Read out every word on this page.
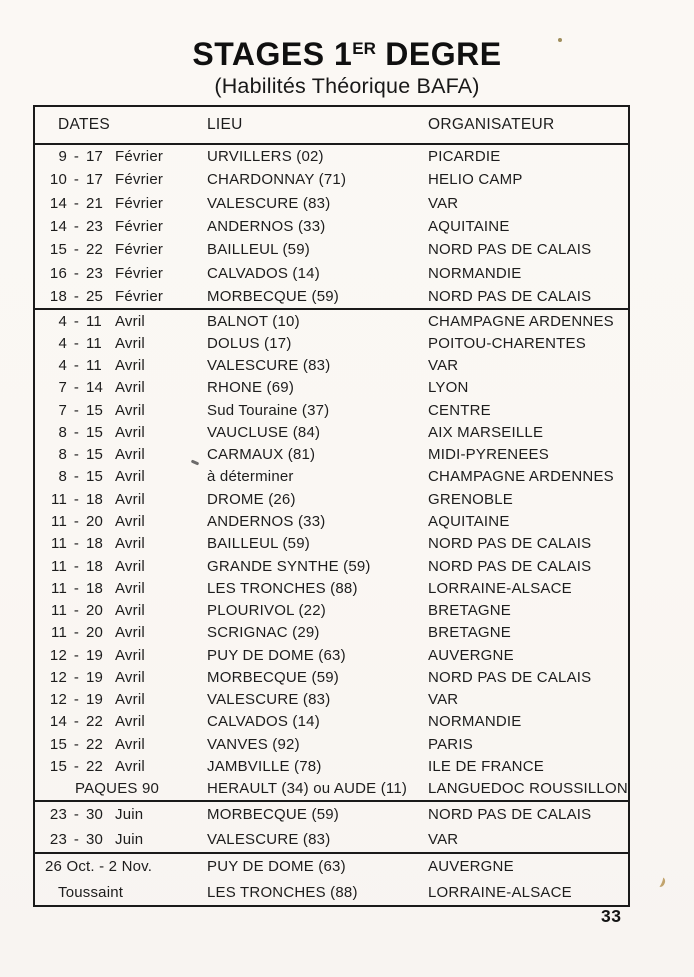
STAGES 1ER DEGRE
(Habilités Théorique BAFA)
DATES	LIEU	ORGANISATEUR
9 - 17 Février	URVILLERS (02)	PICARDIE
10 - 17 Février	CHARDONNAY (71)	HELIO CAMP
14 - 21 Février	VALESCURE (83)	VAR
14 - 23 Février	ANDERNOS (33)	AQUITAINE
15 - 22 Février	BAILLEUL (59)	NORD PAS DE CALAIS
16 - 23 Février	CALVADOS (14)	NORMANDIE
18 - 25 Février	MORBECQUE (59)	NORD PAS DE CALAIS
4 - 11 Avril	BALNOT (10)	CHAMPAGNE ARDENNES
4 - 11 Avril	DOLUS (17)	POITOU-CHARENTES
4 - 11 Avril	VALESCURE (83)	VAR
7 - 14 Avril	RHONE (69)	LYON
7 - 15 Avril	Sud Touraine (37)	CENTRE
8 - 15 Avril	VAUCLUSE (84)	AIX MARSEILLE
8 - 15 Avril	CARMAUX (81)	MIDI-PYRENEES
8 - 15 Avril	à déterminer	CHAMPAGNE ARDENNES
11 - 18 Avril	DROME (26)	GRENOBLE
11 - 20 Avril	ANDERNOS (33)	AQUITAINE
11 - 18 Avril	BAILLEUL (59)	NORD PAS DE CALAIS
11 - 18 Avril	GRANDE SYNTHE (59)	NORD PAS DE CALAIS
11 - 18 Avril	LES TRONCHES (88)	LORRAINE-ALSACE
11 - 20 Avril	PLOURIVOL (22)	BRETAGNE
11 - 20 Avril	SCRIGNAC (29)	BRETAGNE
12 - 19 Avril	PUY DE DOME (63)	AUVERGNE
12 - 19 Avril	MORBECQUE (59)	NORD PAS DE CALAIS
12 - 19 Avril	VALESCURE (83)	VAR
14 - 22 Avril	CALVADOS (14)	NORMANDIE
15 - 22 Avril	VANVES (92)	PARIS
15 - 22 Avril	JAMBVILLE (78)	ILE DE FRANCE
PAQUES 90	HERAULT (34) ou AUDE (11)	LANGUEDOC ROUSSILLON
23 - 30 Juin	MORBECQUE (59)	NORD PAS DE CALAIS
23 - 30 Juin	VALESCURE (83)	VAR
26 Oct. - 2 Nov.	PUY DE DOME (63)	AUVERGNE
Toussaint	LES TRONCHES (88)	LORRAINE-ALSACE
33
